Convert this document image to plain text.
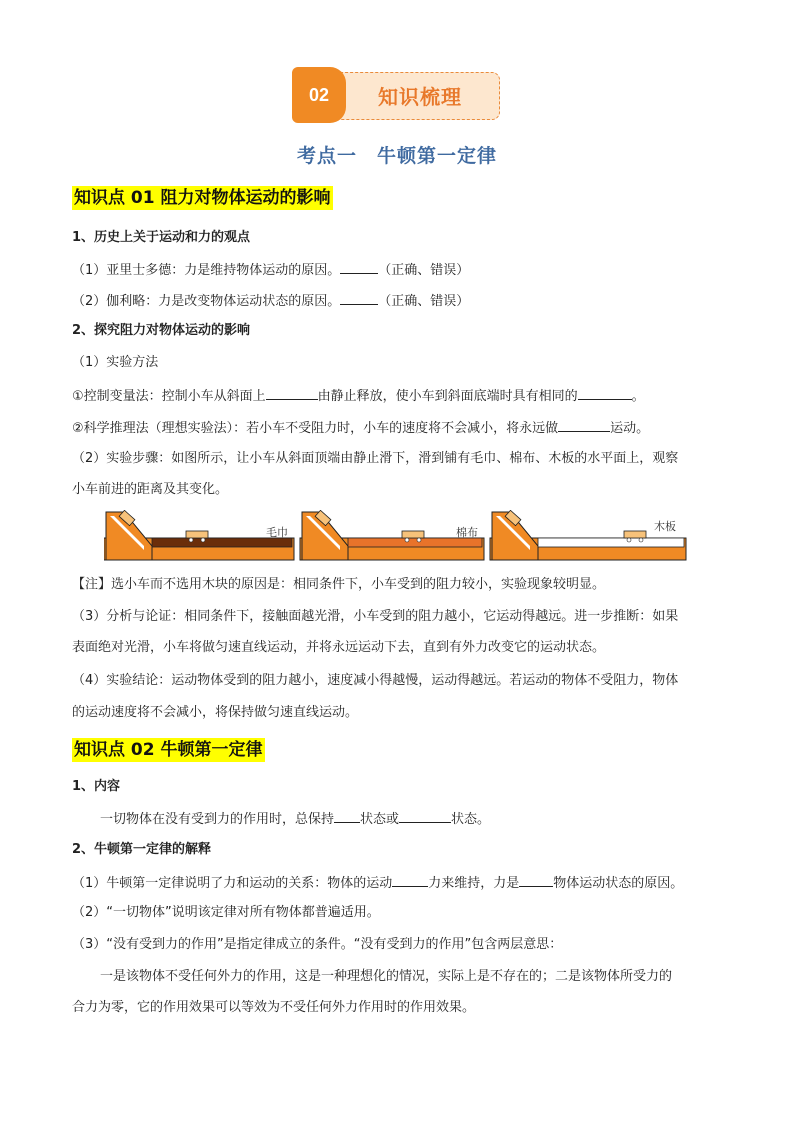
02	知识梳理
考点一　牛顿第一定律
知识点 01 阻力对物体运动的影响
1、历史上关于运动和力的观点
（1）亚里士多德：力是维持物体运动的原因。	（正确、错误）
（2）伽利略：力是改变物体运动状态的原因。	（正确、错误）
2、探究阻力对物体运动的影响
（1）实验方法
①控制变量法：控制小车从斜面上	由静止释放，使小车到斜面底端时具有相同的	。
②科学推理法（理想实验法）：若小车不受阻力时，小车的速度将不会减小，将永远做	运动。
（2）实验步骤：如图所示，让小车从斜面顶端由静止滑下，滑到铺有毛巾、棉布、木板的水平面上，观察
小车前进的距离及其变化。
毛巾	棉布	木板
【注】选小车而不选用木块的原因是：相同条件下，小车受到的阻力较小，实验现象较明显。
（3）分析与论证：相同条件下，接触面越光滑，小车受到的阻力越小，它运动得越远。进一步推断：如果
表面绝对光滑，小车将做匀速直线运动，并将永远运动下去，直到有外力改变它的运动状态。
（4）实验结论：运动物体受到的阻力越小，速度减小得越慢，运动得越远。若运动的物体不受阻力，物体
的运动速度将不会减小，将保持做匀速直线运动。
知识点 02 牛顿第一定律
1、内容
一切物体在没有受到力的作用时，总保持 状态或	状态。
2、牛顿第一定律的解释
（1）牛顿第一定律说明了力和运动的关系：物体的运动	力来维持，力是	物体运动状态的原因。
（2）“一切物体”说明该定律对所有物体都普遍适用。
（3）“没有受到力的作用”是指定律成立的条件。“没有受到力的作用”包含两层意思：
一是该物体不受任何外力的作用，这是一种理想化的情况，实际上是不存在的；二是该物体所受力的
合力为零，它的作用效果可以等效为不受任何外力作用时的作用效果。
